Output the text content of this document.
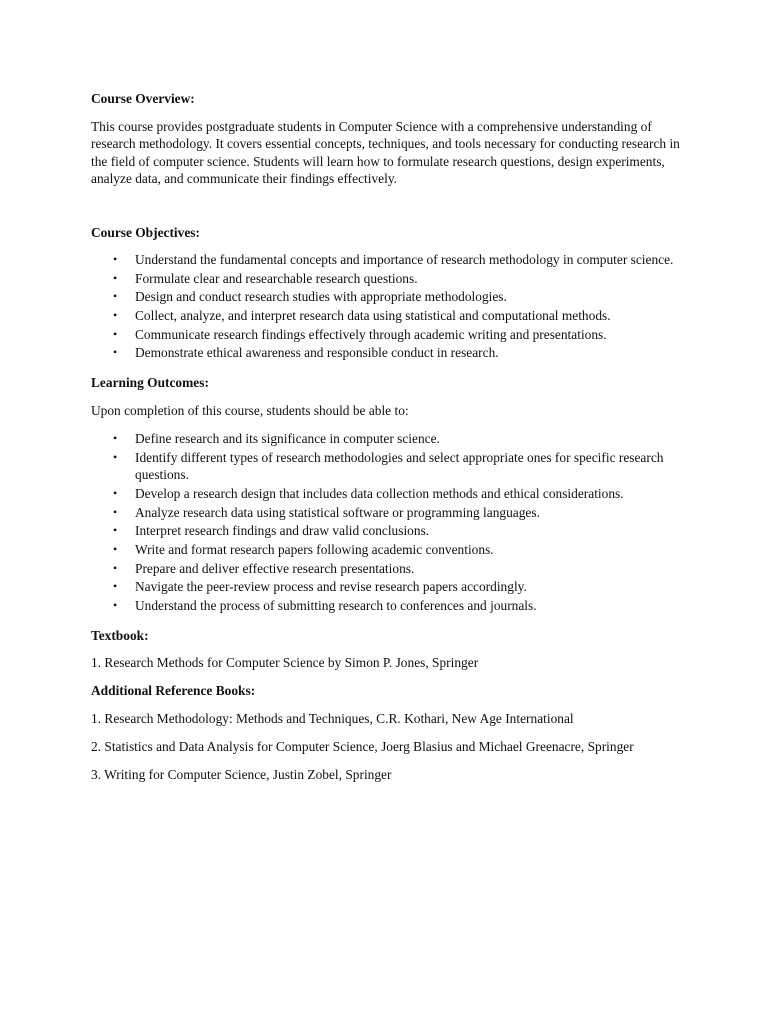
Course Overview:

This course provides postgraduate students in Computer Science with a comprehensive understanding of research methodology. It covers essential concepts, techniques, and tools necessary for conducting research in the field of computer science. Students will learn how to formulate research questions, design experiments, analyze data, and communicate their findings effectively.

Course Objectives:
• Understand the fundamental concepts and importance of research methodology in computer science.
• Formulate clear and researchable research questions.
• Design and conduct research studies with appropriate methodologies.
• Collect, analyze, and interpret research data using statistical and computational methods.
• Communicate research findings effectively through academic writing and presentations.
• Demonstrate ethical awareness and responsible conduct in research.
Learning Outcomes:

Upon completion of this course, students should be able to:

• Define research and its significance in computer science.
• Identify different types of research methodologies and select appropriate ones for specific research questions.
• Develop a research design that includes data collection methods and ethical considerations.
• Analyze research data using statistical software or programming languages.
• Interpret research findings and draw valid conclusions.
• Write and format research papers following academic conventions.
• Prepare and deliver effective research presentations.
• Navigate the peer-review process and revise research papers accordingly.
• Understand the process of submitting research to conferences and journals.
Textbook:

1. Research Methods for Computer Science by Simon P. Jones, Springer

Additional Reference Books:

1. Research Methodology: Methods and Techniques, C.R. Kothari, New Age International

2. Statistics and Data Analysis for Computer Science, Joerg Blasius and Michael Greenacre, Springer

3. Writing for Computer Science, Justin Zobel, Springer
